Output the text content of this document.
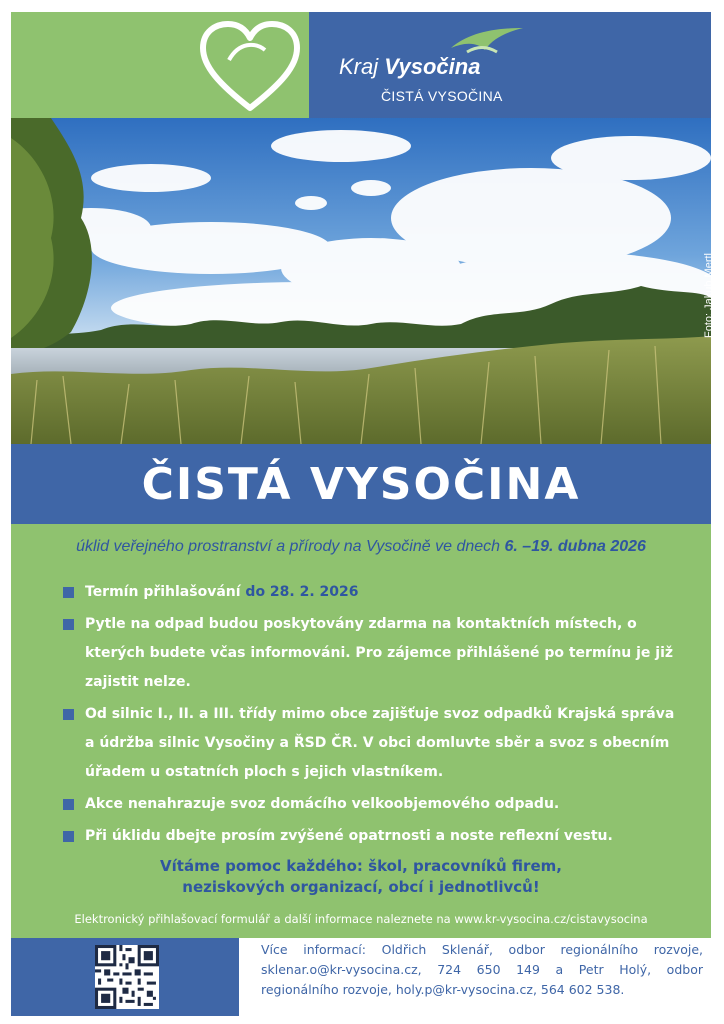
Kraj Vysočina
ČISTÁ VYSOČINA
Foto: Jakub Mertl
ČISTÁ VYSOČINA
úklid veřejného prostranství a přírody na Vysočině ve dnech 6. –19. dubna 2026
Termín přihlašování do 28. 2. 2026
Pytle na odpad budou poskytovány zdarma na kontaktních místech, o kterých budete včas informováni. Pro zájemce přihlášené po termínu je již zajistit nelze.
Od silnic I., II. a III. třídy mimo obce zajišťuje svoz odpadků Krajská správa a údržba silnic Vysočiny a ŘSD ČR. V obci domluvte sběr a svoz s obecním úřadem u ostatních ploch s jejich vlastníkem.
Akce nenahrazuje svoz domácího velkoobjemového odpadu.
Při úklidu dbejte prosím zvýšené opatrnosti a noste reflexní vestu.
Vítáme pomoc každého: škol, pracovníků firem,
neziskových organizací, obcí i jednotlivců!
Elektronický přihlašovací formulář a další informace naleznete na www.kr-vysocina.cz/cistavysocina
Více informací: Oldřich Sklenář, odbor regionálního rozvoje, sklenar.o@kr-vysocina.cz, 724 650 149 a Petr Holý, odbor regionálního rozvoje, holy.p@kr-vysocina.cz, 564 602 538.
